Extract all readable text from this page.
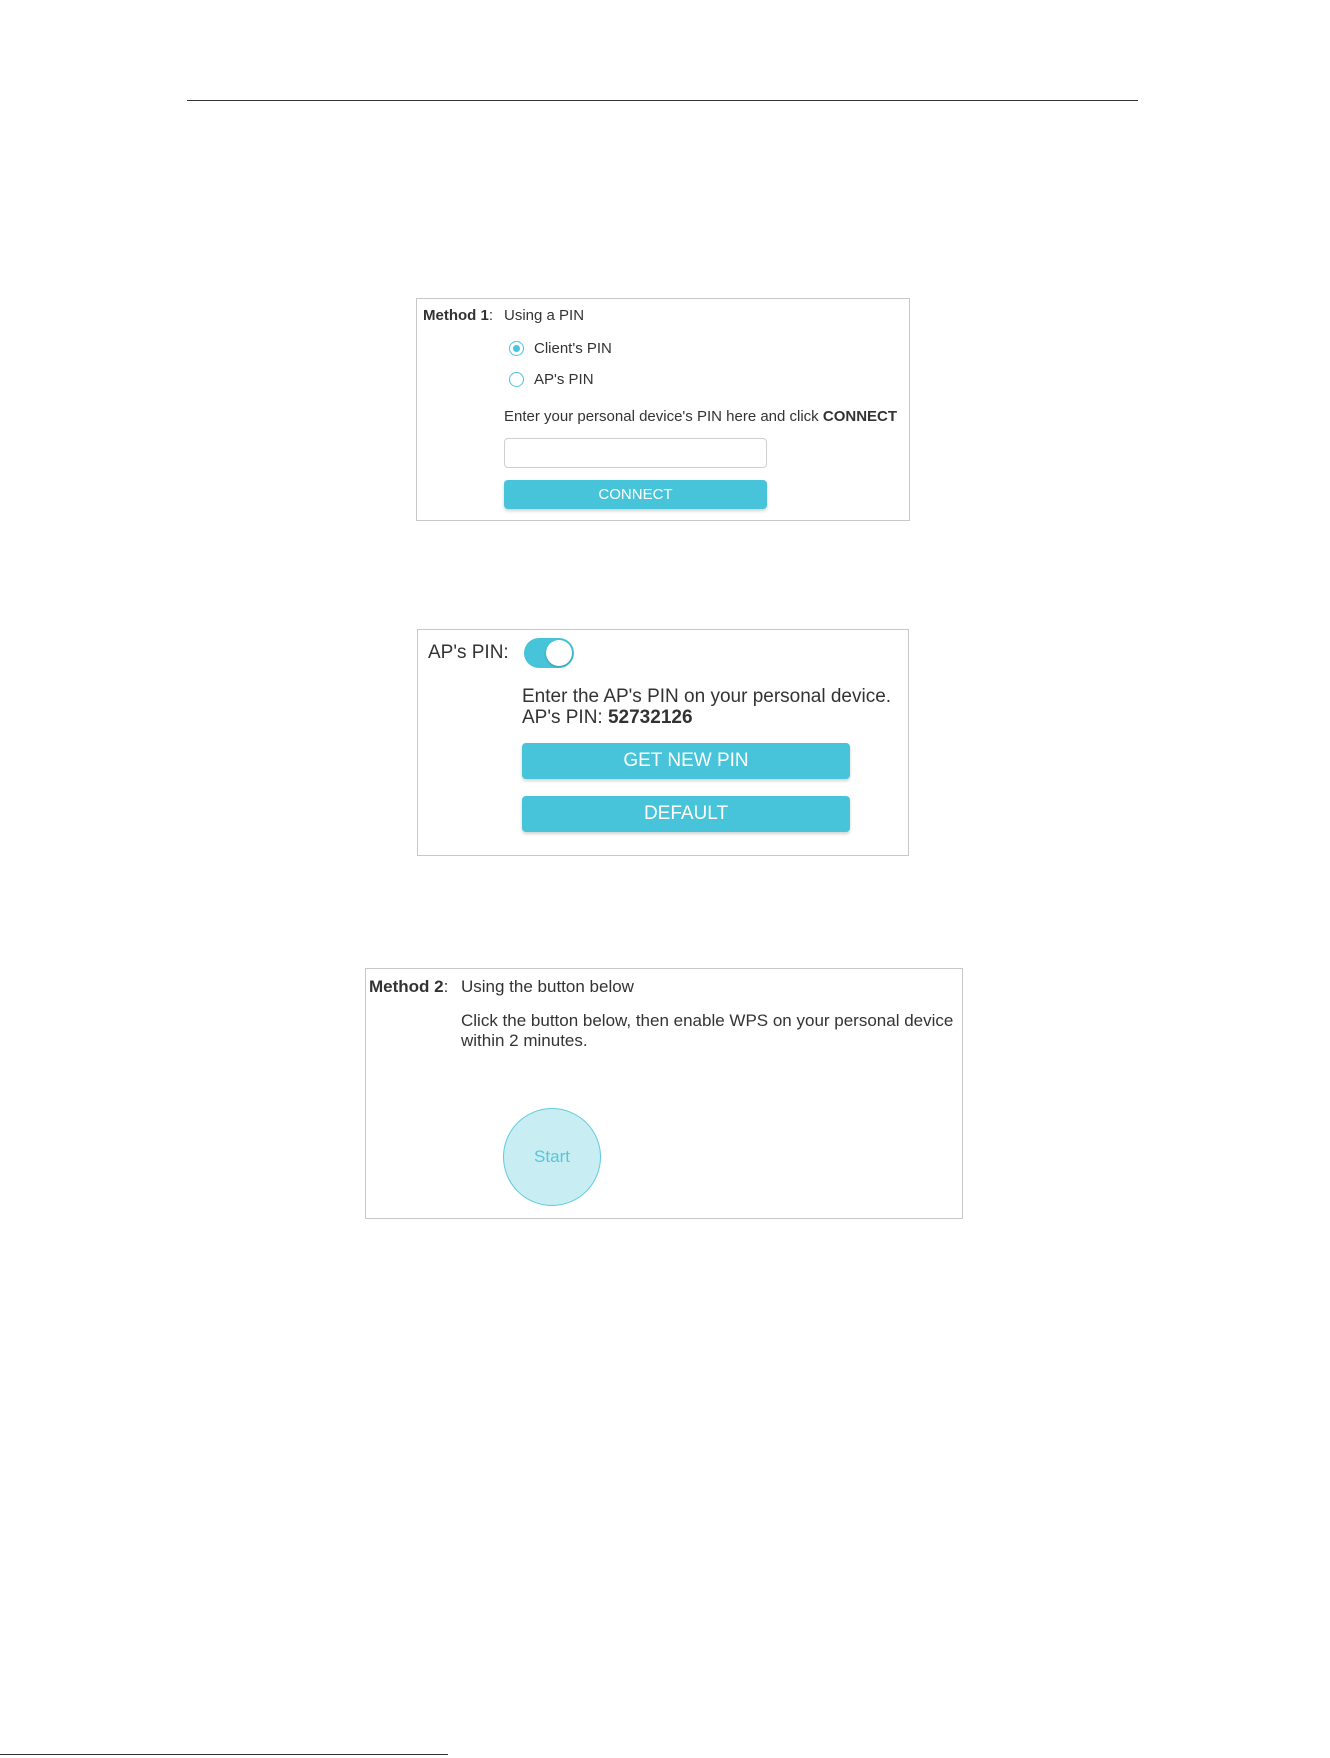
Method 1: Using a PIN
Client's PIN
AP's PIN
Enter your personal device's PIN here and click CONNECT
CONNECT
AP's PIN:
Enter the AP's PIN on your personal device.
AP's PIN: 52732126
GET NEW PIN
DEFAULT
Method 2: Using the button below
Click the button below, then enable WPS on your personal device within 2 minutes.
Start
